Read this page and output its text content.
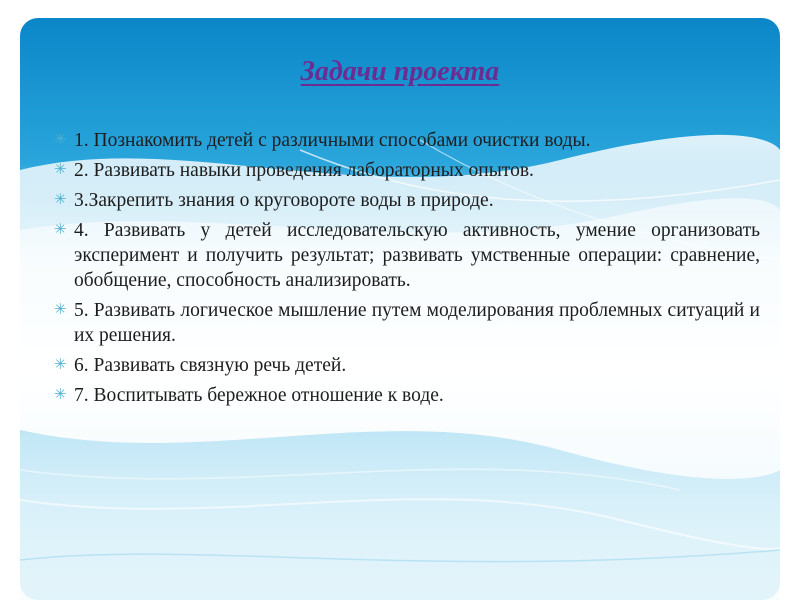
Задачи проекта
✳ 1. Познакомить детей с различными способами очистки воды.
✳ 2. Развивать навыки проведения лабораторных опытов.
✳ 3.Закрепить знания о круговороте воды в природе.
✳ 4. Развивать у детей исследовательскую активность, умение организовать эксперимент и получить результат; развивать умственные операции: сравнение, обобщение, способность анализировать.
✳ 5. Развивать логическое мышление путем моделирования проблемных ситуаций и их решения.
✳ 6. Развивать связную речь детей.
✳ 7. Воспитывать бережное отношение к воде.
